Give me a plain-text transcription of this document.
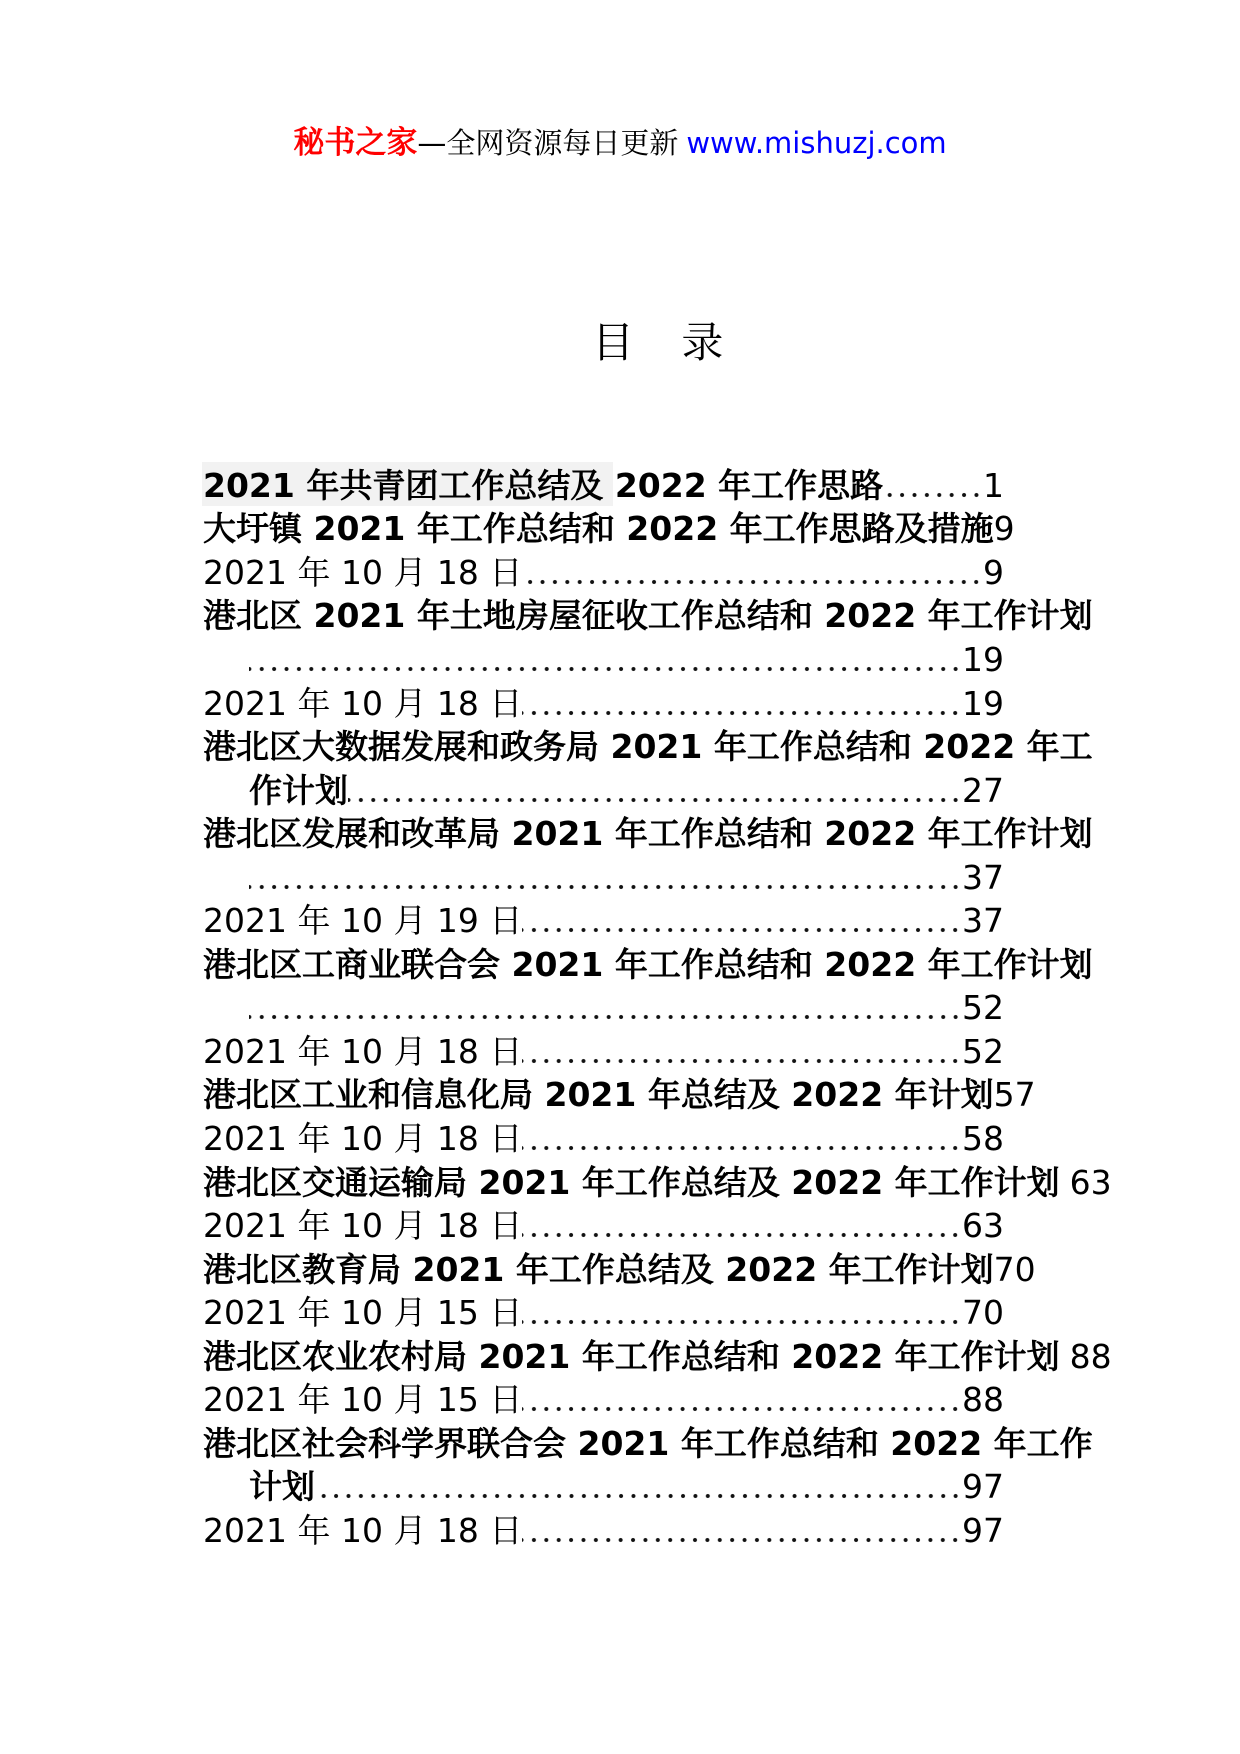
秘书之家—全网资源每日更新 www.mishuzj.com
目 录
2021 年共青团工作总结及 2022 年工作思路	1
大圩镇 2021 年工作总结和 2022 年工作思路及措施9
2021 年 10 月 18 日	9
港北区 2021 年土地房屋征收工作总结和 2022 年工作计划
19
2021 年 10 月 18 日	19
港北区大数据发展和政务局 2021 年工作总结和 2022 年工
作计划	27
港北区发展和改革局 2021 年工作总结和 2022 年工作计划
37
2021 年 10 月 19 日	37
港北区工商业联合会 2021 年工作总结和 2022 年工作计划
52
2021 年 10 月 18 日	52
港北区工业和信息化局 2021 年总结及 2022 年计划57
2021 年 10 月 18 日	58
港北区交通运输局 2021 年工作总结及 2022 年工作计划 63
2021 年 10 月 18 日	63
港北区教育局 2021 年工作总结及 2022 年工作计划70
2021 年 10 月 15 日	70
港北区农业农村局 2021 年工作总结和 2022 年工作计划 88
2021 年 10 月 15 日	88
港北区社会科学界联合会 2021 年工作总结和 2022 年工作
计划	97
2021 年 10 月 18 日	97
